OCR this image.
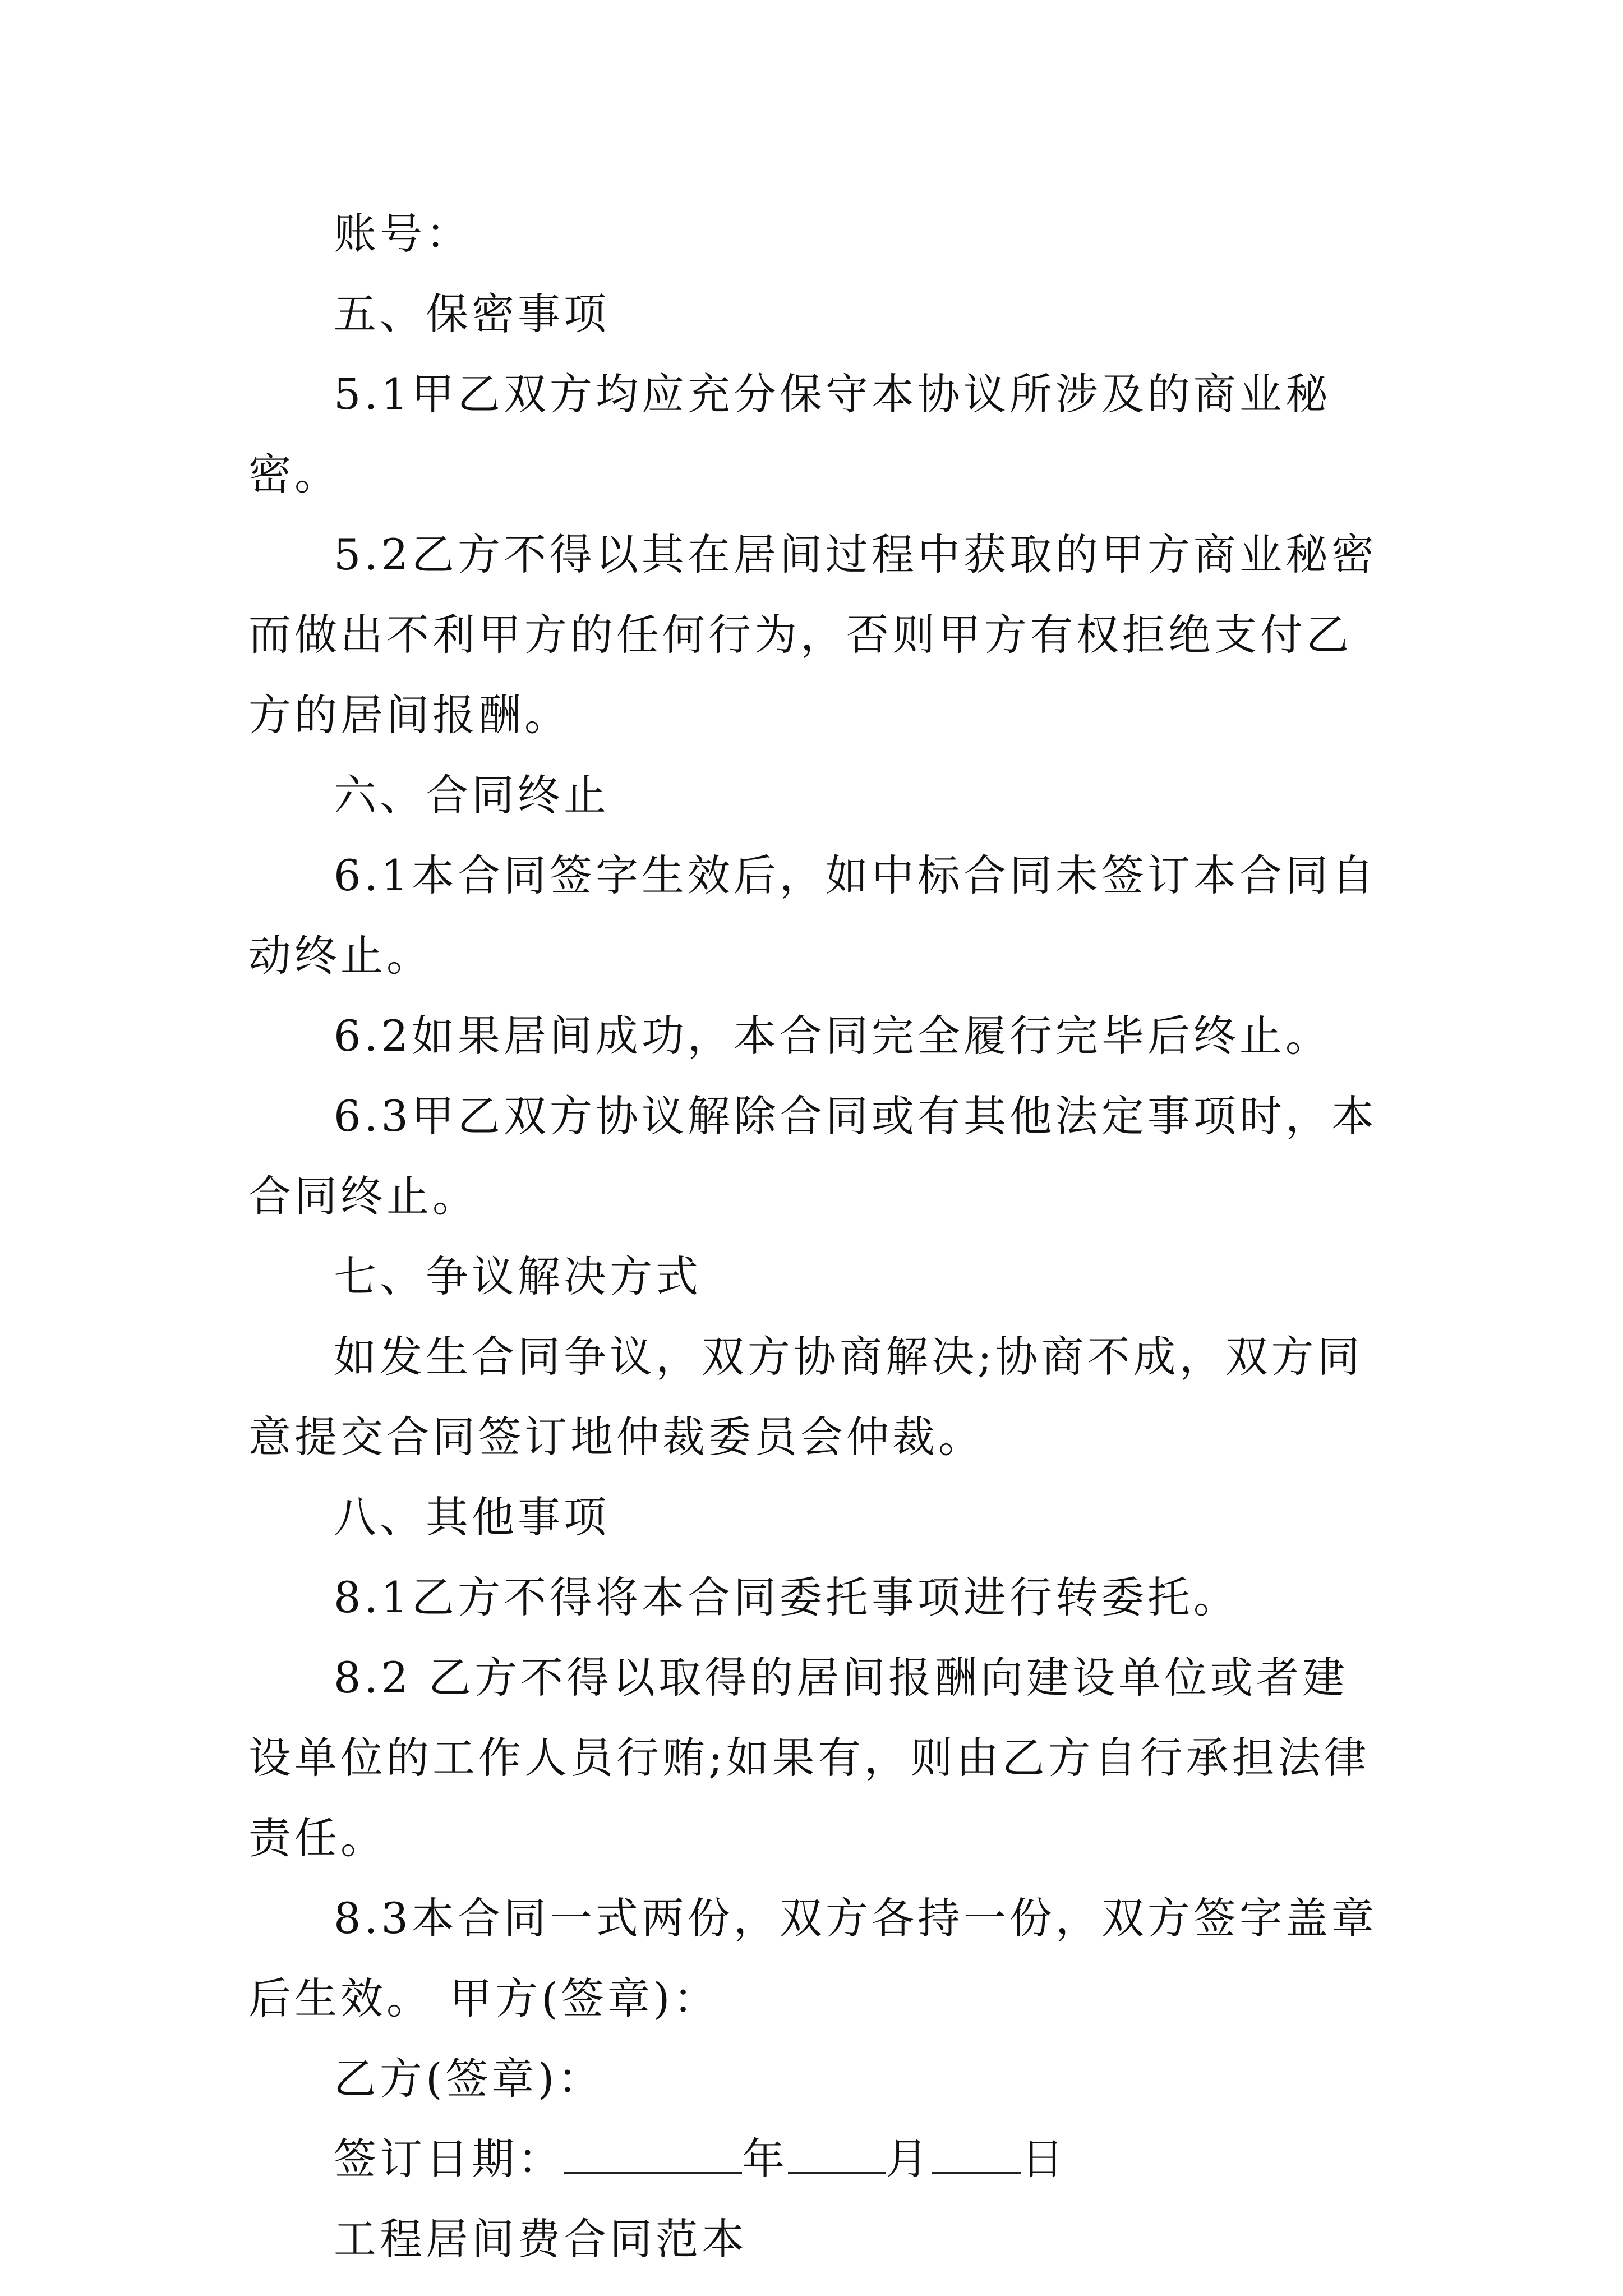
账号：

五、保密事项

5.1甲乙双方均应充分保守本协议所涉及的商业秘密。

5.2乙方不得以其在居间过程中获取的甲方商业秘密而做出不利甲方的任何行为，否则甲方有权拒绝支付乙方的居间报酬。

六、合同终止

6.1本合同签字生效后，如中标合同未签订本合同自动终止。

6.2如果居间成功，本合同完全履行完毕后终止。

6.3甲乙双方协议解除合同或有其他法定事项时，本合同终止。

七、争议解决方式

如发生合同争议，双方协商解决;协商不成，双方同意提交合同签订地仲裁委员会仲裁。

八、其他事项

8.1乙方不得将本合同委托事项进行转委托。

8.2 乙方不得以取得的居间报酬向建设单位或者建设单位的工作人员行贿;如果有，则由乙方自行承担法律责任。

8.3本合同一式两份，双方各持一份，双方签字盖章后生效。 甲方(签章)：

乙方(签章)：

签订日期：	年 月 日

工程居间费合同范本
